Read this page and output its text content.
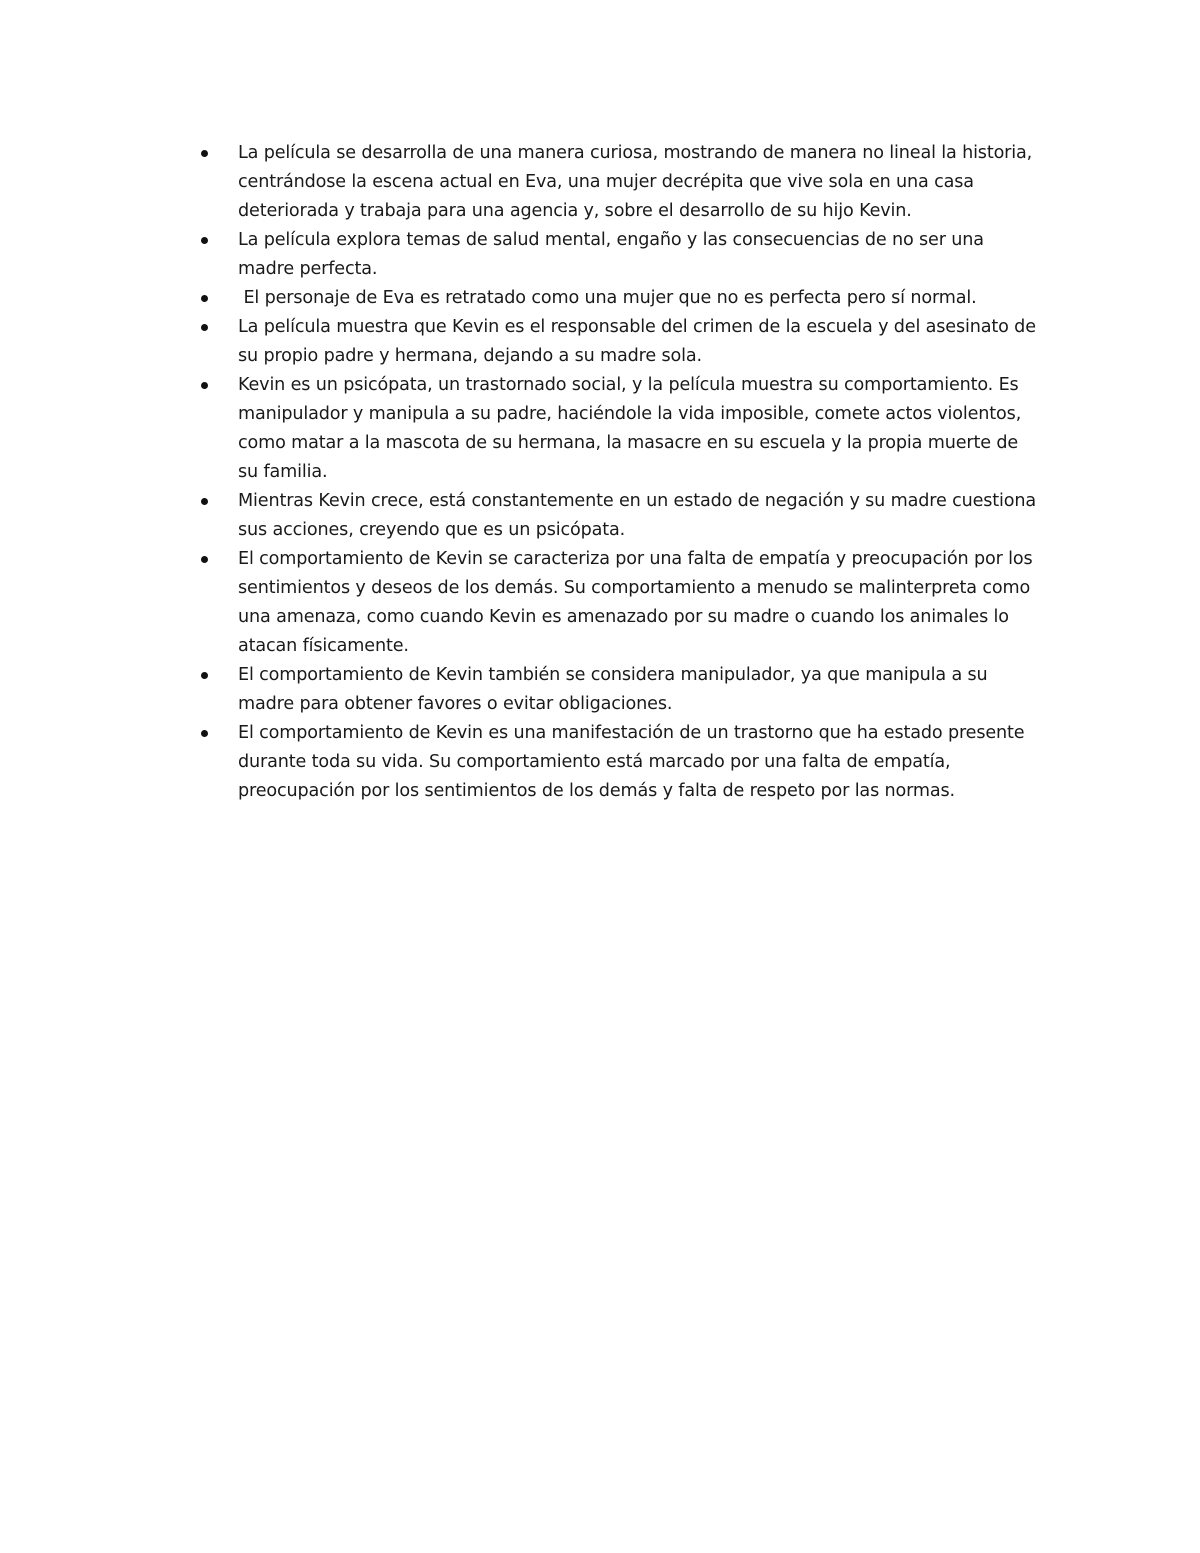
La película se desarrolla de una manera curiosa, mostrando de manera no lineal la historia, centrándose la escena actual en Eva, una mujer decrépita que vive sola en una casa deteriorada y trabaja para una agencia y, sobre el desarrollo de su hijo Kevin.
La película explora temas de salud mental, engaño y las consecuencias de no ser una madre perfecta.
El personaje de Eva es retratado como una mujer que no es perfecta pero sí normal.
La película muestra que Kevin es el responsable del crimen de la escuela y del asesinato de su propio padre y hermana, dejando a su madre sola.
Kevin es un psicópata, un trastornado social, y la película muestra su comportamiento. Es manipulador y manipula a su padre, haciéndole la vida imposible, comete actos violentos, como matar a la mascota de su hermana, la masacre en su escuela y la propia muerte de su familia.
Mientras Kevin crece, está constantemente en un estado de negación y su madre cuestiona sus acciones, creyendo que es un psicópata.
El comportamiento de Kevin se caracteriza por una falta de empatía y preocupación por los sentimientos y deseos de los demás. Su comportamiento a menudo se malinterpreta como una amenaza, como cuando Kevin es amenazado por su madre o cuando los animales lo atacan físicamente.
El comportamiento de Kevin también se considera manipulador, ya que manipula a su madre para obtener favores o evitar obligaciones.
El comportamiento de Kevin es una manifestación de un trastorno que ha estado presente durante toda su vida. Su comportamiento está marcado por una falta de empatía, preocupación por los sentimientos de los demás y falta de respeto por las normas.
